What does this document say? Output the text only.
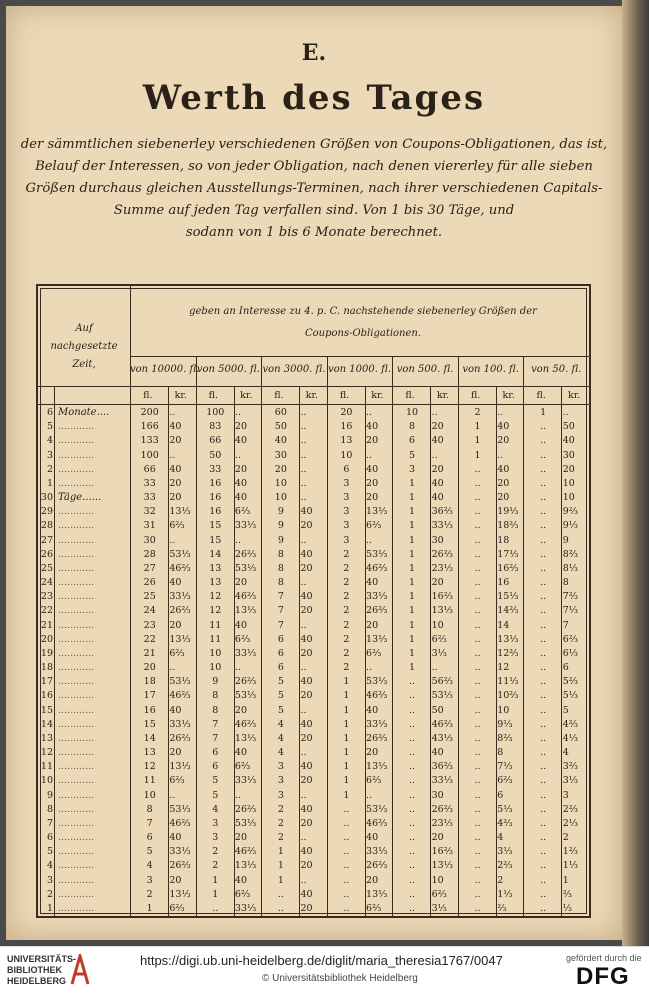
E.
Werth des Tages
der sämmtlichen siebenerley verschiedenen Größen von Coupons-Obligationen, das ist,
Belauf der Interessen, so von jeder Obligation, nach denen viererley für alle sieben
Größen durchaus gleichen Ausstellungs-Terminen, nach ihrer verschiedenen Capitals-
Summe auf jeden Tag verfallen sind. Von 1 bis 30 Täge, und
sodann von 1 bis 6 Monate berechnet.
Auf nachgesetzte Zeit,
geben an Interesse zu 4. p. C. nachstehende siebenerley Größen der
Coupons-Obligationen.
von 10000. fl.
fl. kr.
von 5000. fl.
fl. kr.
von 3000. fl.
fl. kr.
von 1000. fl.
fl. kr.
von 500. fl.
fl. kr.
von 100. fl.
fl. kr.
von 50. fl.
fl. kr.
6 Monate....	200	..	100	..	60	..	20	..	10	..	2	..	1	..
5 ............	166	40	83	20	50	..	16	40	8	20	1	40	..	50
4 ............	133	20	66	40	40	..	13	20	6	40	1	20	..	40
3 ............	100	..	50	..	30	..	10	..	5	..	1	..	..	30
2 ............	66	40	33	20	20	..	6	40	3	20	..	40	..	20
1 ............	33	20	16	40	10	..	3	20	1	40	..	20	..	10
30 Täge......	33	20	16	40	10	..	3	20	1	40	..	20	..	10
29 ............	32	13⅓	16	6⅔	9	40	3	13⅓	1	36⅔	..	19⅓	..	9⅔
28 ............	31	6⅔	15	33⅓	9	20	3	6⅔	1	33⅓	..	18⅔	..	9⅓
27 ............	30	..	15	..	9	..	3	..	1	30	..	18	..	9
26 ............	28	53⅓	14	26⅔	8	40	2	53⅓	1	26⅔	..	17⅓	..	8⅔
25 ............	27	46⅔	13	53⅓	8	20	2	46⅔	1	23⅓	..	16⅔	..	8⅓
24 ............	26	40	13	20	8	..	2	40	1	20	..	16	..	8
23 ............	25	33⅓	12	46⅔	7	40	2	33⅓	1	16⅔	..	15⅓	..	7⅔
22 ............	24	26⅔	12	13⅓	7	20	2	26⅔	1	13⅓	..	14⅔	..	7⅓
21 ............	23	20	11	40	7	..	2	20	1	10	..	14	..	7
20 ............	22	13⅓	11	6⅔	6	40	2	13⅓	1	6⅔	..	13⅓	..	6⅔
19 ............	21	6⅔	10	33⅓	6	20	2	6⅔	1	3⅓	..	12⅔	..	6⅓
18 ............	20	..	10	..	6	..	2	..	1	..	..	12	..	6
17 ............	18	53⅓	9	26⅔	5	40	1	53⅓	..	56⅔	..	11⅓	..	5⅔
16 ............	17	46⅔	8	53⅓	5	20	1	46⅔	..	53⅓	..	10⅔	..	5⅓
15 ............	16	40	8	20	5	..	1	40	..	50	..	10	..	5
14 ............	15	33⅓	7	46⅔	4	40	1	33⅓	..	46⅔	..	9⅓	..	4⅔
13 ............	14	26⅔	7	13⅓	4	20	1	26⅔	..	43⅓	..	8⅔	..	4⅓
12 ............	13	20	6	40	4	..	1	20	..	40	..	8	..	4
11 ............	12	13⅓	6	6⅔	3	40	1	13⅓	..	36⅔	..	7⅓	..	3⅔
10 ............	11	6⅔	5	33⅓	3	20	1	6⅔	..	33⅓	..	6⅔	..	3⅓
9 ............	10	..	5	..	3	..	1	..	..	30	..	6	..	3
8 ............	8	53⅓	4	26⅔	2	40	..	53⅓	..	26⅔	..	5⅓	..	2⅔
7 ............	7	46⅔	3	53⅓	2	20	..	46⅔	..	23⅓	..	4⅔	..	2⅓
6 ............	6	40	3	20	2	..	..	40	..	20	..	4	..	2
5 ............	5	33⅓	2	46⅔	1	40	..	33⅓	..	16⅔	..	3⅓	..	1⅔
4 ............	4	26⅔	2	13⅓	1	20	..	26⅔	..	13⅓	..	2⅔	..	1⅓
3 ............	3	20	1	40	1	..	..	20	..	10	..	2	..	1
2 ............	2	13⅓	1	6⅔	..	40	..	13⅓	..	6⅔	..	1⅓	..	⅔
1 ............	1	6⅔	..	33⅓	..	20	..	6⅔	..	3⅓	..	⅔	..	⅓
UNIVERSITÄTS-
BIBLIOTHEK
HEIDELBERG
https://digi.ub.uni-heidelberg.de/diglit/maria_theresia1767/0047
© Universitätsbibliothek Heidelberg
gefördert durch die
DFG
